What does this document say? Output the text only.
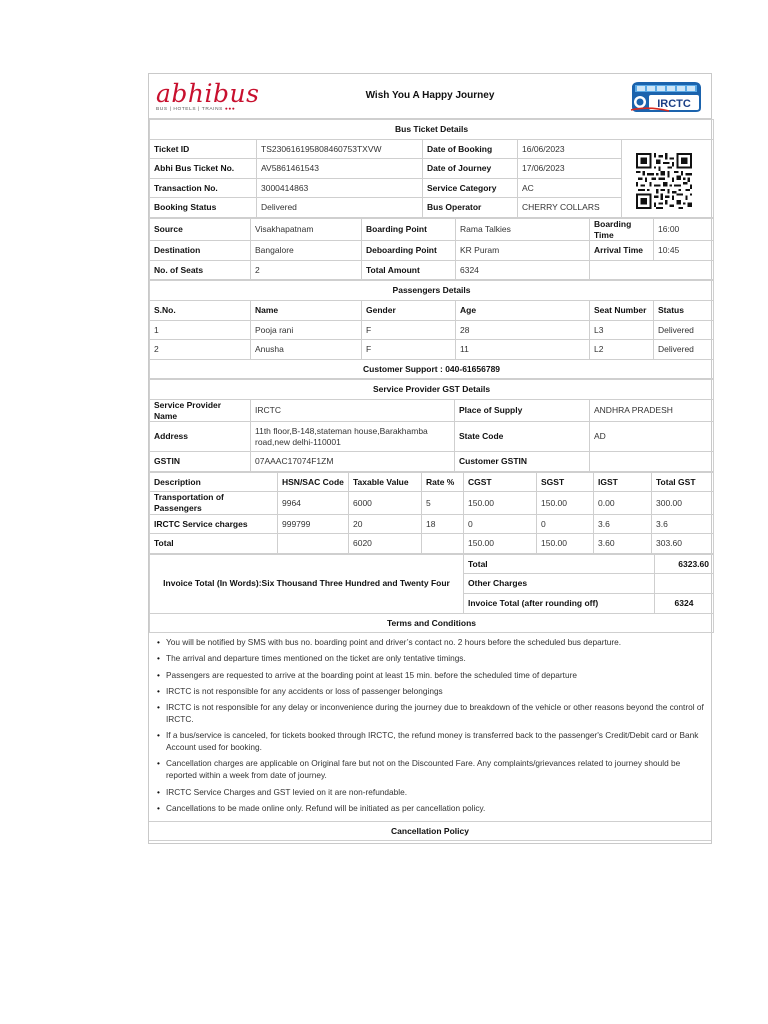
abhibus
BUS | HOTELS | TRAINS ●●●
Wish You A Happy Journey
IRCTC
Bus Ticket Details				
Ticket ID	TS230616195808460753TXVW	Date of Booking	16/06/2023	
Abhi Bus Ticket No.	AV5861461543	Date of Journey	17/06/2023	
Transaction No.	3000414863	Service Category	AC	
Booking Status	Delivered	Bus Operator	CHERRY COLLARS	
Source	Visakhapatnam	Boarding Point	Rama Talkies	Boarding Time	16:00
Destination	Bangalore	Deboarding Point	KR Puram	Arrival Time	10:45
No. of Seats	2	Total Amount	6324		
Passengers Details					
S.No.	Name	Gender	Age	Seat Number	Status
1	Pooja rani	F	28	L3	Delivered
2	Anusha	F	11	L2	Delivered
Customer Support : 040-61656789					
Service Provider GST Details			
Service Provider Name	IRCTC	Place of Supply	ANDHRA PRADESH
Address	11th floor,B-148,stateman house,Barakhamba road,new delhi-110001	State Code	AD
GSTIN	07AAAC17074F1ZM	Customer GSTIN	
Description	HSN/SAC Code	Taxable Value	Rate %	CGST	SGST	IGST	Total GST
Transportation of Passengers	9964	6000	5	150.00	150.00	0.00	300.00
IRCTC Service charges	999799	20	18	0	0	3.6	3.6
Total		6020		150.00	150.00	3.60	303.60
Invoice Total (In Words):Six Thousand Three Hundred and Twenty Four	Total	6323.60
	Other Charges	
	Invoice Total (after rounding off)	6324
Terms and Conditions		
• You will be notified by SMS with bus no. boarding point and driver’s contact no. 2 hours before the scheduled bus departure.
• The arrival and departure times mentioned on the ticket are only tentative timings.
• Passengers are requested to arrive at the boarding point at least 15 min. before the scheduled time of departure
• IRCTC is not responsible for any accidents or loss of passenger belongings
• IRCTC is not responsible for any delay or inconvenience during the journey due to breakdown of the vehicle or other reasons beyond the control of IRCTC.
• If a bus/service is canceled, for tickets booked through IRCTC, the refund money is transferred back to the passenger's Credit/Debit card or Bank Account used for booking.
• Cancellation charges are applicable on Original fare but not on the Discounted Fare. Any complaints/grievances related to journey should be reported within a week from date of journey.
• IRCTC Service Charges and GST levied on it are non-refundable.
• Cancellations to be made online only. Refund will be initiated as per cancellation policy.
Cancellation Policy
